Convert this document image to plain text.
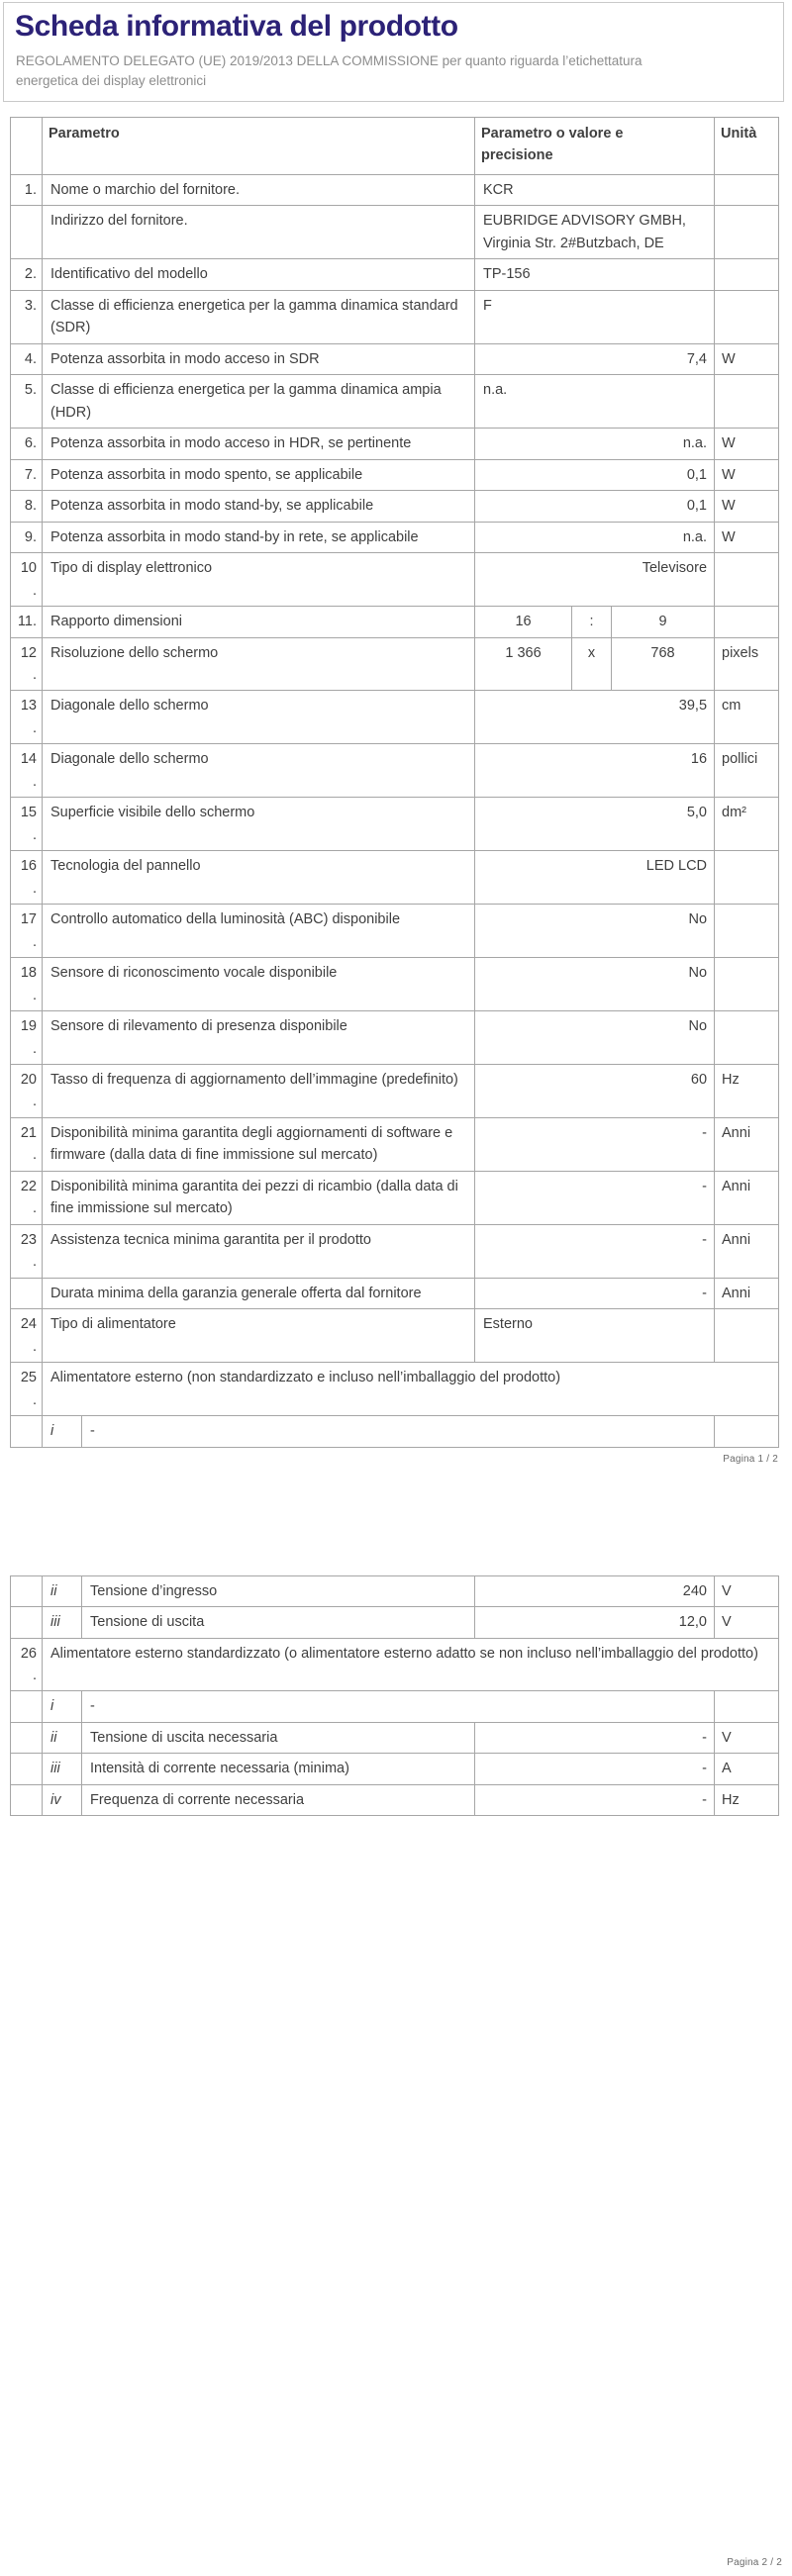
Scheda informativa del prodotto

REGOLAMENTO DELEGATO (UE) 2019/2013 DELLA COMMISSIONE per quanto riguarda l’etichettatura energetica dei display elettronici

	Parametro		Parametro o valore e precisione			Unità
1.	Nome o marchio del fornitore.		KCR			
	Indirizzo del fornitore.		EUBRIDGE ADVISORY GMBH, Virginia Str. 2#Butzbach, DE			
2.	Identificativo del modello		TP-156			
3.	Classe di efficienza energetica per la gamma dinamica standard (SDR)		F			
4.	Potenza assorbita in modo acceso in SDR		7,4			W
5.	Classe di efficienza energetica per la gamma dinamica ampia (HDR)		n.a.			
6.	Potenza assorbita in modo acceso in HDR, se pertinente		n.a.			W
7.	Potenza assorbita in modo spento, se applicabile		0,1			W
8.	Potenza assorbita in modo stand-by, se applicabile		0,1			W
9.	Potenza assorbita in modo stand-by in rete, se applicabile		n.a.			W
10.	Tipo di display elettronico		Televisore			
11.	Rapporto dimensioni		16	:	9	
12.	Risoluzione dello schermo		1 366	x	768	pixels
13.	Diagonale dello schermo		39,5			cm
14.	Diagonale dello schermo		16			pollici
15.	Superficie visibile dello schermo		5,0			dm²
16.	Tecnologia del pannello		LED LCD			
17.	Controllo automatico della luminosità (ABC) disponibile		No			
18.	Sensore di riconoscimento vocale disponibile		No			
19.	Sensore di rilevamento di presenza disponibile		No			
20.	Tasso di frequenza di aggiornamento dell’immagine (predefinito)		60			Hz
21.	Disponibilità minima garantita degli aggiornamenti di software e firmware (dalla data di fine immissione sul mercato)		-			Anni
22.	Disponibilità minima garantita dei pezzi di ricambio (dalla data di fine immissione sul mercato)		-			Anni
23.	Assistenza tecnica minima garantita per il prodotto		-			Anni
	Durata minima della garanzia generale offerta dal fornitore		-			Anni
24.	Tipo di alimentatore		Esterno			
25.	Alimentatore esterno (non standardizzato e incluso nell’imballaggio del prodotto)					
	i	-				
Pagina 1 / 2
	ii	Tensione d’ingresso	240	V
	iii	Tensione di uscita	12,0	V
26.	Alimentatore esterno standardizzato (o alimentatore esterno adatto se non incluso nell’imballaggio del prodotto)			
	i	-		
	ii	Tensione di uscita necessaria	-	V
	iii	Intensità di corrente necessaria (minima)	-	A
	iv	Frequenza di corrente necessaria	-	Hz
Pagina 2 / 2
